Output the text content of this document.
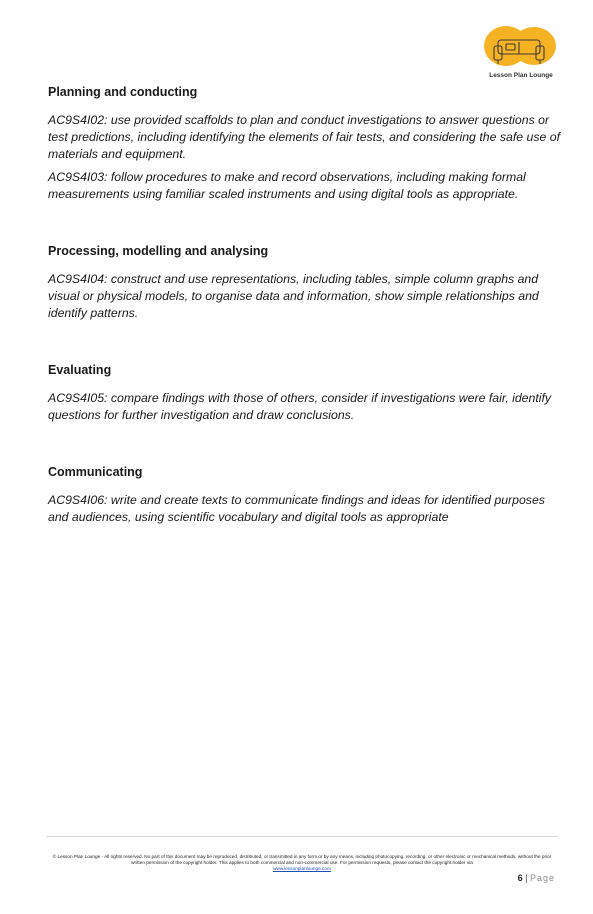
Lesson Plan Lounge
Planning and conducting

AC9S4I02: use provided scaffolds to plan and conduct investigations to answer questions or test predictions, including identifying the elements of fair tests, and considering the safe use of materials and equipment.

AC9S4I03: follow procedures to make and record observations, including making formal measurements using familiar scaled instruments and using digital tools as appropriate.

Processing, modelling and analysing

AC9S4I04: construct and use representations, including tables, simple column graphs and visual or physical models, to organise data and information, show simple relationships and identify patterns.

Evaluating

AC9S4I05: compare findings with those of others, consider if investigations were fair, identify questions for further investigation and draw conclusions.

Communicating

AC9S4I06: write and create texts to communicate findings and ideas for identified purposes and audiences, using scientific vocabulary and digital tools as appropriate

© Lesson Plan Lounge - All rights reserved. No part of this document may be reproduced, distributed, or transmitted in any form or by any means, including photocopying, recording, or other electronic or mechanical methods, without the prior written permission of the copyright holder. This applies to both commercial and non-commercial use. For permission requests, please contact the copyright holder via
www.lessonplanlounge.com
6 | Page
